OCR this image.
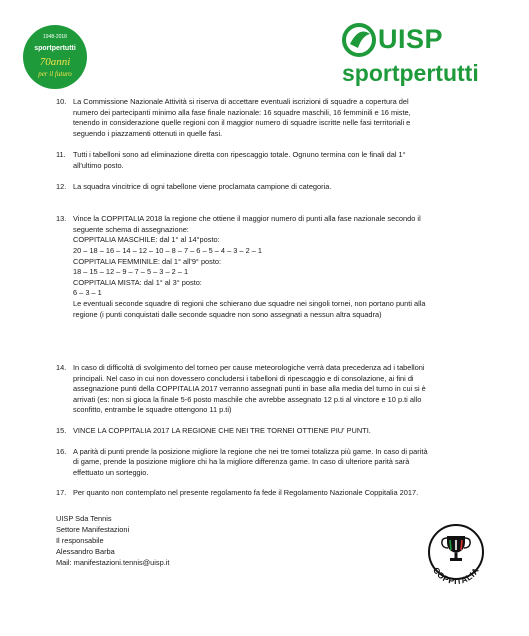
1948-2018
sportpertutti
70anni
per il futuro
UISP
sportpertutti
10. La Commissione Nazionale Attività si riserva di accettare eventuali iscrizioni di squadre a copertura del
numero dei partecipanti minimo alla fase finale nazionale: 16 squadre maschili, 16 femminili e 16 miste,
tenendo in considerazione quelle regioni con il maggior numero di squadre iscritte nelle fasi territoriali e
seguendo i piazzamenti ottenuti in quelle fasi.
11. Tutti i tabelloni sono ad eliminazione diretta con ripescaggio totale. Ognuno termina con le finali dal 1°
all'ultimo posto.
12. La squadra vincitrice di ogni tabellone viene proclamata campione di categoria.
13. Vince la COPPITALIA 2018 la regione che ottiene il maggior numero di punti alla fase nazionale secondo il
seguente schema di assegnazione:
COPPITALIA MASCHILE: dal 1° al 14°posto:
20 – 18 – 16 – 14 – 12 – 10 – 8 – 7 – 6 – 5 – 4 – 3 – 2 – 1
COPPITALIA FEMMINILE: dal 1° all'9° posto:
18 – 15 – 12 – 9 – 7 – 5 – 3 – 2 – 1
COPPITALIA MISTA: dal 1° al 3° posto:
6 – 3 – 1
Le eventuali seconde squadre di regioni che schierano due squadre nei singoli tornei, non portano punti alla
regione (i punti conquistati dalle seconde squadre non sono assegnati a nessun altra squadra)
14. In caso di difficoltà di svolgimento del torneo per cause meteorologiche verrà data precedenza ad i tabelloni
principali. Nel caso in cui non dovessero concludersi i tabelloni di ripescaggio e di consolazione, ai fini di
assegnazione punti della COPPITALIA 2017 verranno assegnati punti in base alla media del turno in cui si è
arrivati (es: non si gioca la finale 5-6 posto maschile che avrebbe assegnato 12 p.ti al vinctore e 10 p.ti allo
sconfitto, entrambe le squadre ottengono 11 p.ti)
15. VINCE LA COPPITALIA 2017 LA REGIONE CHE NEI TRE TORNEI OTTIENE PIU' PUNTI.
16. A parità di punti prende la posizione migliore la regione che nei tre tornei totalizza più game. In caso di parità
di game, prende la posizione migliore chi ha la migliore differenza game. In caso di ulteriore parità sarà
effettuato un sorteggio.
17. Per quanto non contemplato nel presente regolamento fa fede il Regolamento Nazionale Coppitalia 2017.
UISP Sda Tennis
Settore Manifestazioni
Il responsabile
Alessandro Barba
Mail: manifestazioni.tennis@uisp.it
COPPITALIA
